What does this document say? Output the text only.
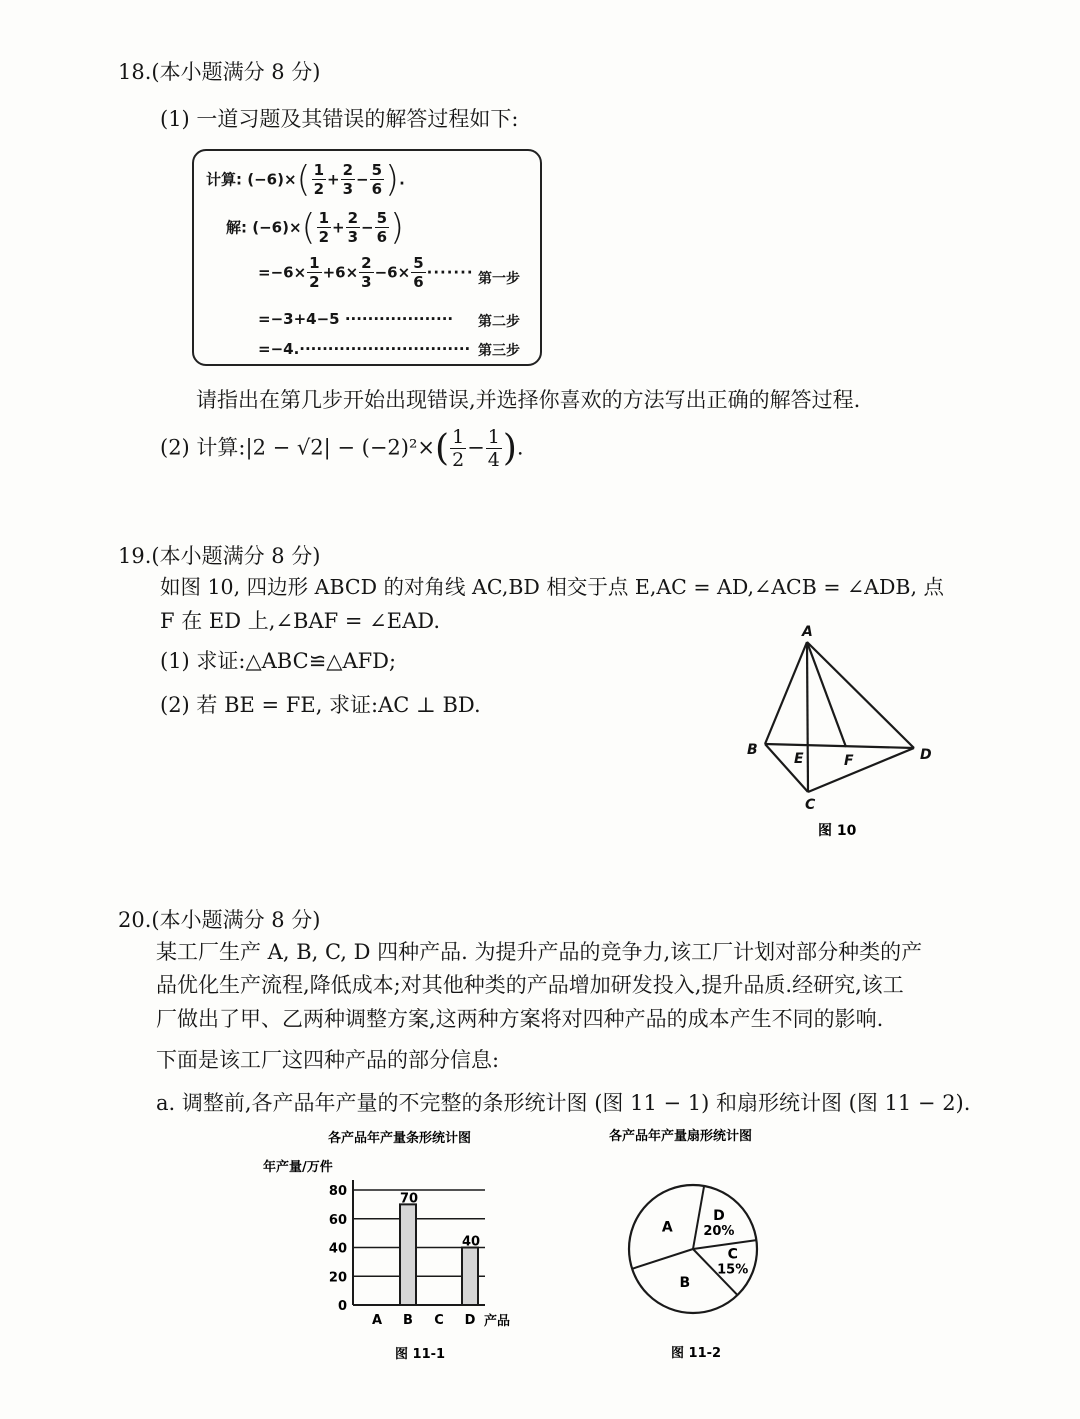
18.(本小题满分 8 分)
(1) 一道习题及其错误的解答过程如下:
计算: $(-6)\times( \frac{1}{2} + \frac{2}{3} - \frac{5}{6}$ ).
解: $(-6)\times( \frac{1}{2} + \frac{2}{3} - \frac{5}{6}$ )
$=-6\times \frac{1}{2} +6\times \frac{2}{3} -6\times \frac{5}{6}$ ······· 第一步
=−3+4−5 ··················· 第二步
=−4.······························ 第三步
请指出在第几步开始出现错误,并选择你喜欢的方法写出正确的解答过程.
(2) 计算:|2 − $√2| - (-2)^2\times( \frac{1}{2} - \frac{1}{4}$ ).
19.(本小题满分 8 分)
如图 10, 四边形 ABCD 的对角线 AC,BD 相交于点 E,AC = AD,∠ACB = ∠ADB, 点
F 在 ED 上,∠BAF = ∠EAD.
(1) 求证:△ABC≌△AFD;
(2) 若 BE = FE, 求证:AC ⊥ BD.
A
B
C
D
E	F
图 10
20.(本小题满分 8 分)
某工厂生产 A, B, C, D 四种产品. 为提升产品的竞争力,该工厂计划对部分种类的产
品优化生产流程,降低成本;对其他种类的产品增加研发投入,提升品质.经研究,该工
厂做出了甲、乙两种调整方案,这两种方案将对四种产品的成本产生不同的影响.
下面是该工厂这四种产品的部分信息:
a. 调整前,各产品年产量的不完整的条形统计图 (图 11 − 1) 和扇形统计图 (图 11 − 2).
各产品年产量条形统计图
年产量/万件
产品
图 11-1
70
40
0
20
40
60
80
A B C D
各产品年产量扇形统计图
D
20%
C
15%
B
A
图 11-2
